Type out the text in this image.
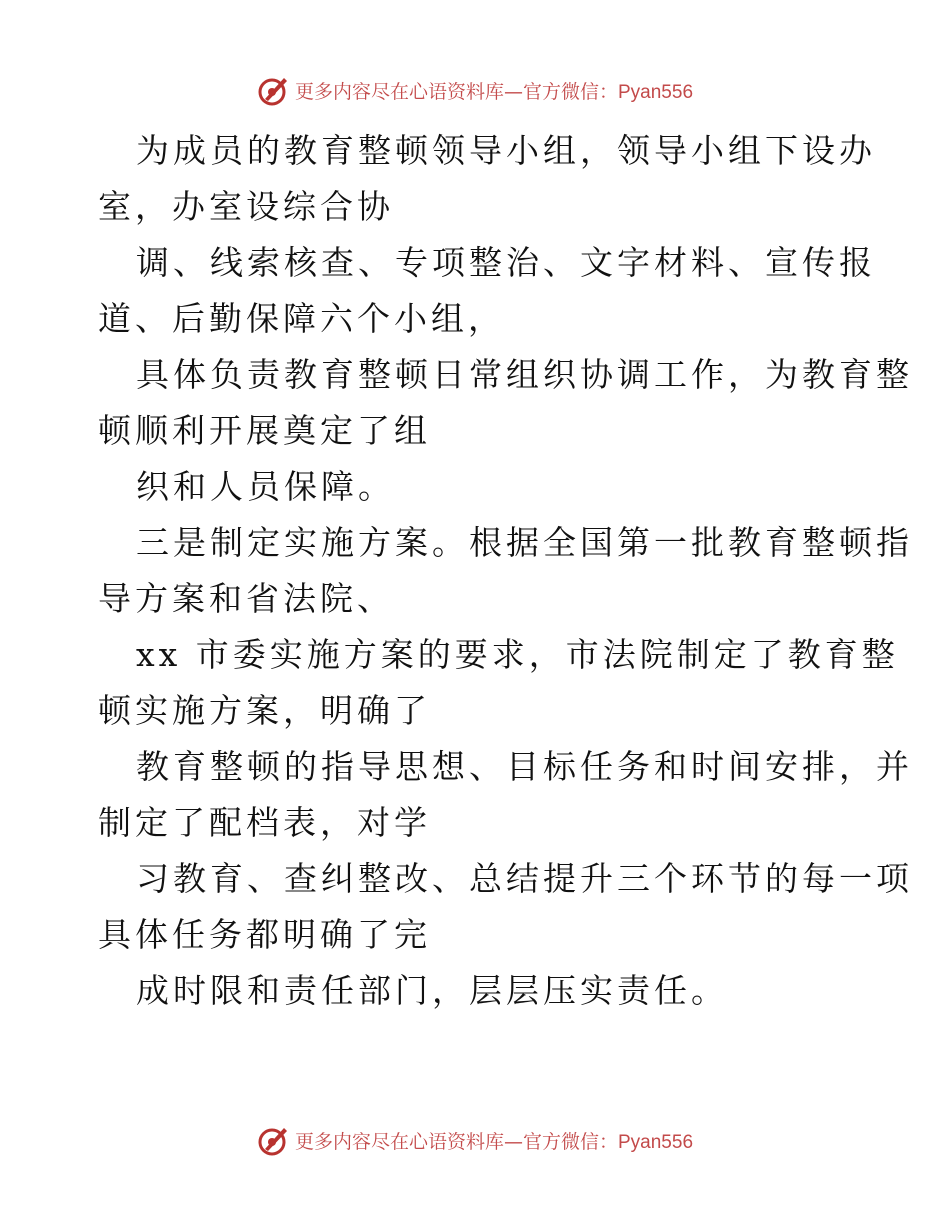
更多内容尽在心语资料库—官方微信：Pyan556
为成员的教育整顿领导小组，领导小组下设办
室，办室设综合协
调、线索核查、专项整治、文字材料、宣传报
道、后勤保障六个小组，
具体负责教育整顿日常组织协调工作，为教育整
顿顺利开展奠定了组
织和人员保障。
三是制定实施方案。根据全国第一批教育整顿指
导方案和省法院、
xx 市委实施方案的要求，市法院制定了教育整
顿实施方案，明确了
教育整顿的指导思想、目标任务和时间安排，并
制定了配档表，对学
习教育、查纠整改、总结提升三个环节的每一项
具体任务都明确了完
成时限和责任部门，层层压实责任。
更多内容尽在心语资料库—官方微信：Pyan556
